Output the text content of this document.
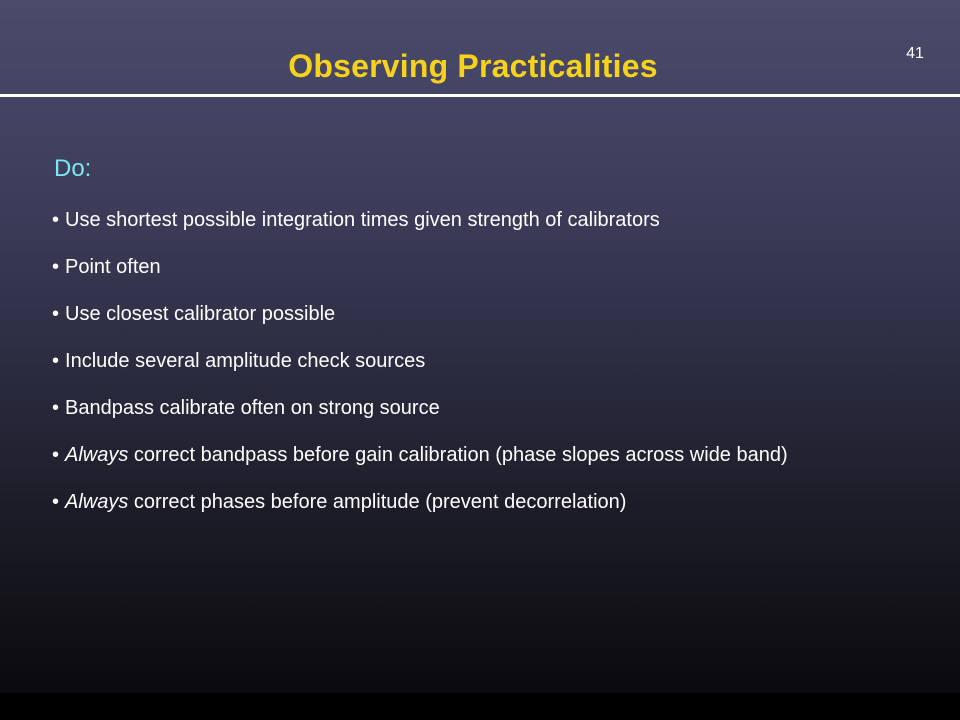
41
Observing Practicalities
Do:
• Use shortest possible integration times given strength of calibrators
• Point often
• Use closest calibrator possible
• Include several amplitude check sources
• Bandpass calibrate often on strong source
• Always correct bandpass before gain calibration (phase slopes across wide band)
• Always correct phases before amplitude (prevent decorrelation)
